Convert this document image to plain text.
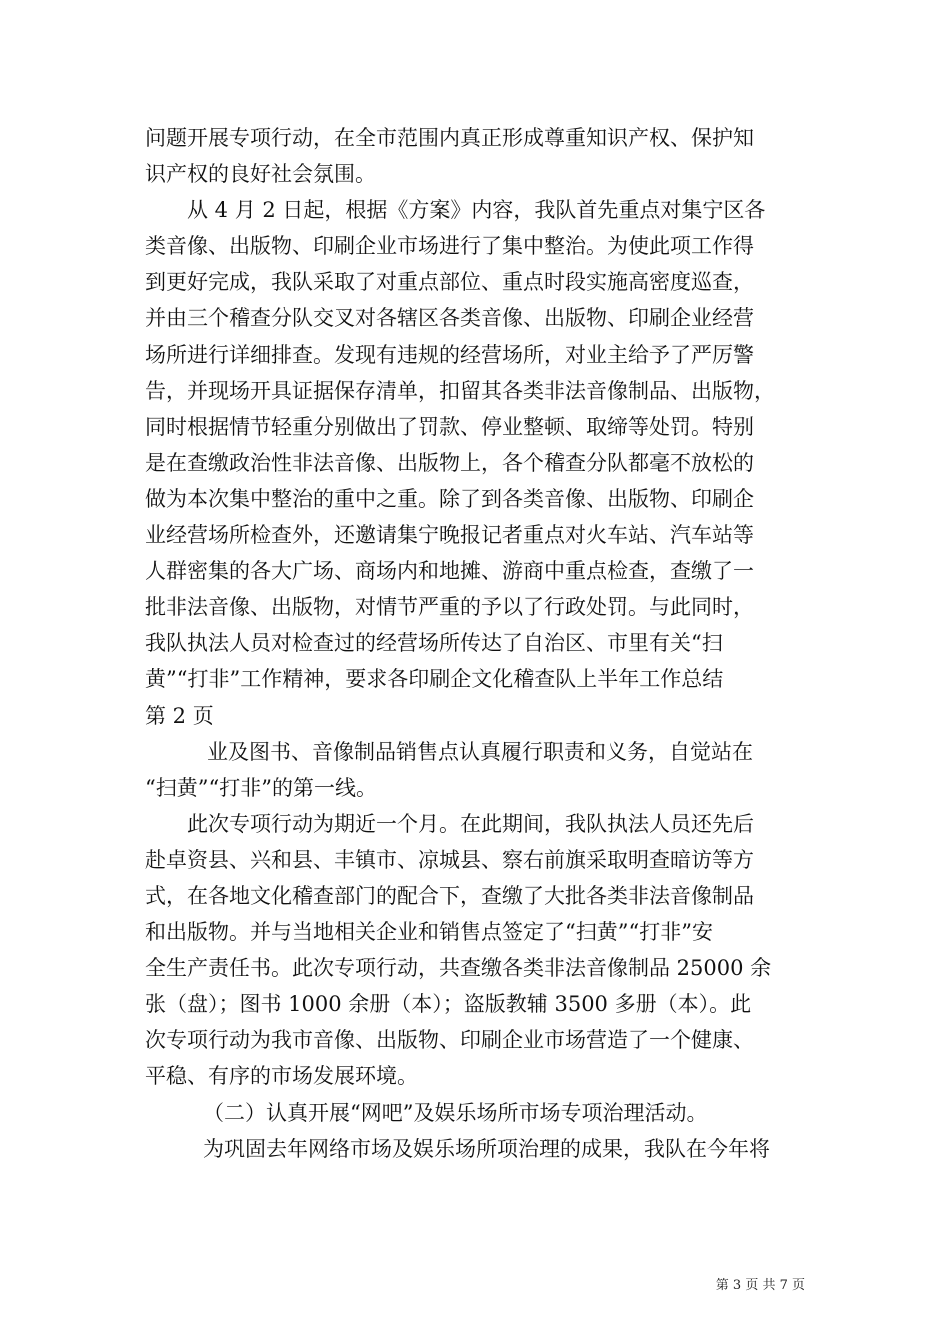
问题开展专项行动，在全市范围内真正形成尊重知识产权、保护知
识产权的良好社会氛围。
从 4 月 2 日起，根据《方案》内容，我队首先重点对集宁区各
类音像、出版物、印刷企业市场进行了集中整治。为使此项工作得
到更好完成，我队采取了对重点部位、重点时段实施高密度巡查，
并由三个稽查分队交叉对各辖区各类音像、出版物、印刷企业经营
场所进行详细排查。发现有违规的经营场所，对业主给予了严厉警
告，并现场开具证据保存清单，扣留其各类非法音像制品、出版物，
同时根据情节轻重分别做出了罚款、停业整顿、取缔等处罚。特别
是在查缴政治性非法音像、出版物上，各个稽查分队都毫不放松的
做为本次集中整治的重中之重。除了到各类音像、出版物、印刷企
业经营场所检查外，还邀请集宁晚报记者重点对火车站、汽车站等
人群密集的各大广场、商场内和地摊、游商中重点检查，查缴了一
批非法音像、出版物，对情节严重的予以了行政处罚。与此同时，
我队执法人员对检查过的经营场所传达了自治区、市里有关“扫
黄”“打非”工作精神，要求各印刷企文化稽查队上半年工作总结
第 2 页
业及图书、音像制品销售点认真履行职责和义务，自觉站在
“扫黄”“打非”的第一线。
此次专项行动为期近一个月。在此期间，我队执法人员还先后
赴卓资县、兴和县、丰镇市、凉城县、察右前旗采取明查暗访等方
式，在各地文化稽查部门的配合下，查缴了大批各类非法音像制品
和出版物。并与当地相关企业和销售点签定了“扫黄”“打非”安
全生产责任书。此次专项行动，共查缴各类非法音像制品 25000 余
张（盘）；图书 1000 余册（本）；盗版教辅 3500 多册（本）。此
次专项行动为我市音像、出版物、印刷企业市场营造了一个健康、
平稳、有序的市场发展环境。
（二）认真开展“网吧”及娱乐场所市场专项治理活动。
为巩固去年网络市场及娱乐场所项治理的成果，我队在今年将
第 3 页 共 7 页
